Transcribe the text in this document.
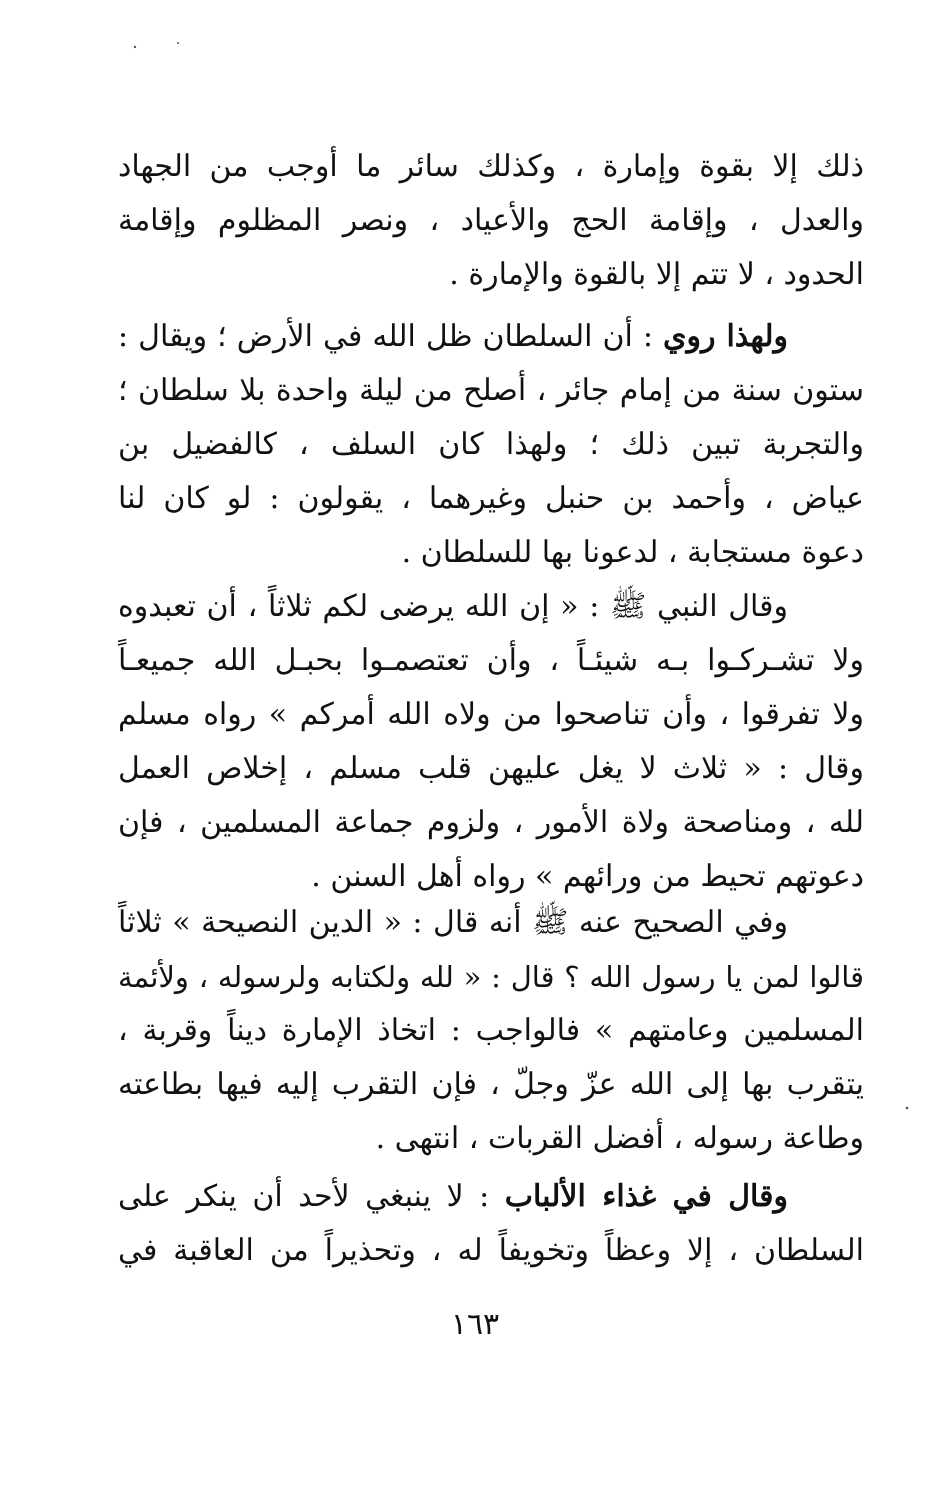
ذلك إلا بقوة وإمارة ، وكذلك سائر ما أوجب من الجهاد
والعدل ، وإقامة الحج والأعياد ، ونصر المظلوم وإقامة
الحدود ، لا تتم إلا بالقوة والإمارة .
ولهذا روي : أن السلطان ظل الله في الأرض ؛ ويقال :
ستون سنة من إمام جائر ، أصلح من ليلة واحدة بلا سلطان ؛
والتجربة تبين ذلك ؛ ولهذا كان السلف ، كالفضيل بن
عياض ، وأحمد بن حنبل وغيرهما ، يقولون : لو كان لنا
دعوة مستجابة ، لدعونا بها للسلطان .
وقال النبي ﷺ : « إن الله يرضى لكم ثلاثاً ، أن تعبدوه
ولا تشـركـوا بـه شيئـاً ، وأن تعتصمـوا بحبـل الله جميعـاً
ولا تفرقوا ، وأن تناصحوا من ولاه الله أمركم » رواه مسلم
وقال : « ثلاث لا يغل عليهن قلب مسلم ، إخلاص العمل
لله ، ومناصحة ولاة الأمور ، ولزوم جماعة المسلمين ، فإن
دعوتهم تحيط من ورائهم » رواه أهل السنن .
وفي الصحيح عنه ﷺ أنه قال : « الدين النصيحة » ثلاثاً
قالوا لمن يا رسول الله ؟ قال : « لله ولكتابه ولرسوله ، ولأئمة
المسلمين وعامتهم » فالواجب : اتخاذ الإمارة ديناً وقربة ،
يتقرب بها إلى الله عزّ وجلّ ، فإن التقرب إليه فيها بطاعته
وطاعة رسوله ، أفضل القربات ، انتهى .
وقال في غذاء الألباب : لا ينبغي لأحد أن ينكر على
السلطان ، إلا وعظاً وتخويفاً له ، وتحذيراً من العاقبة في
١٦٣
